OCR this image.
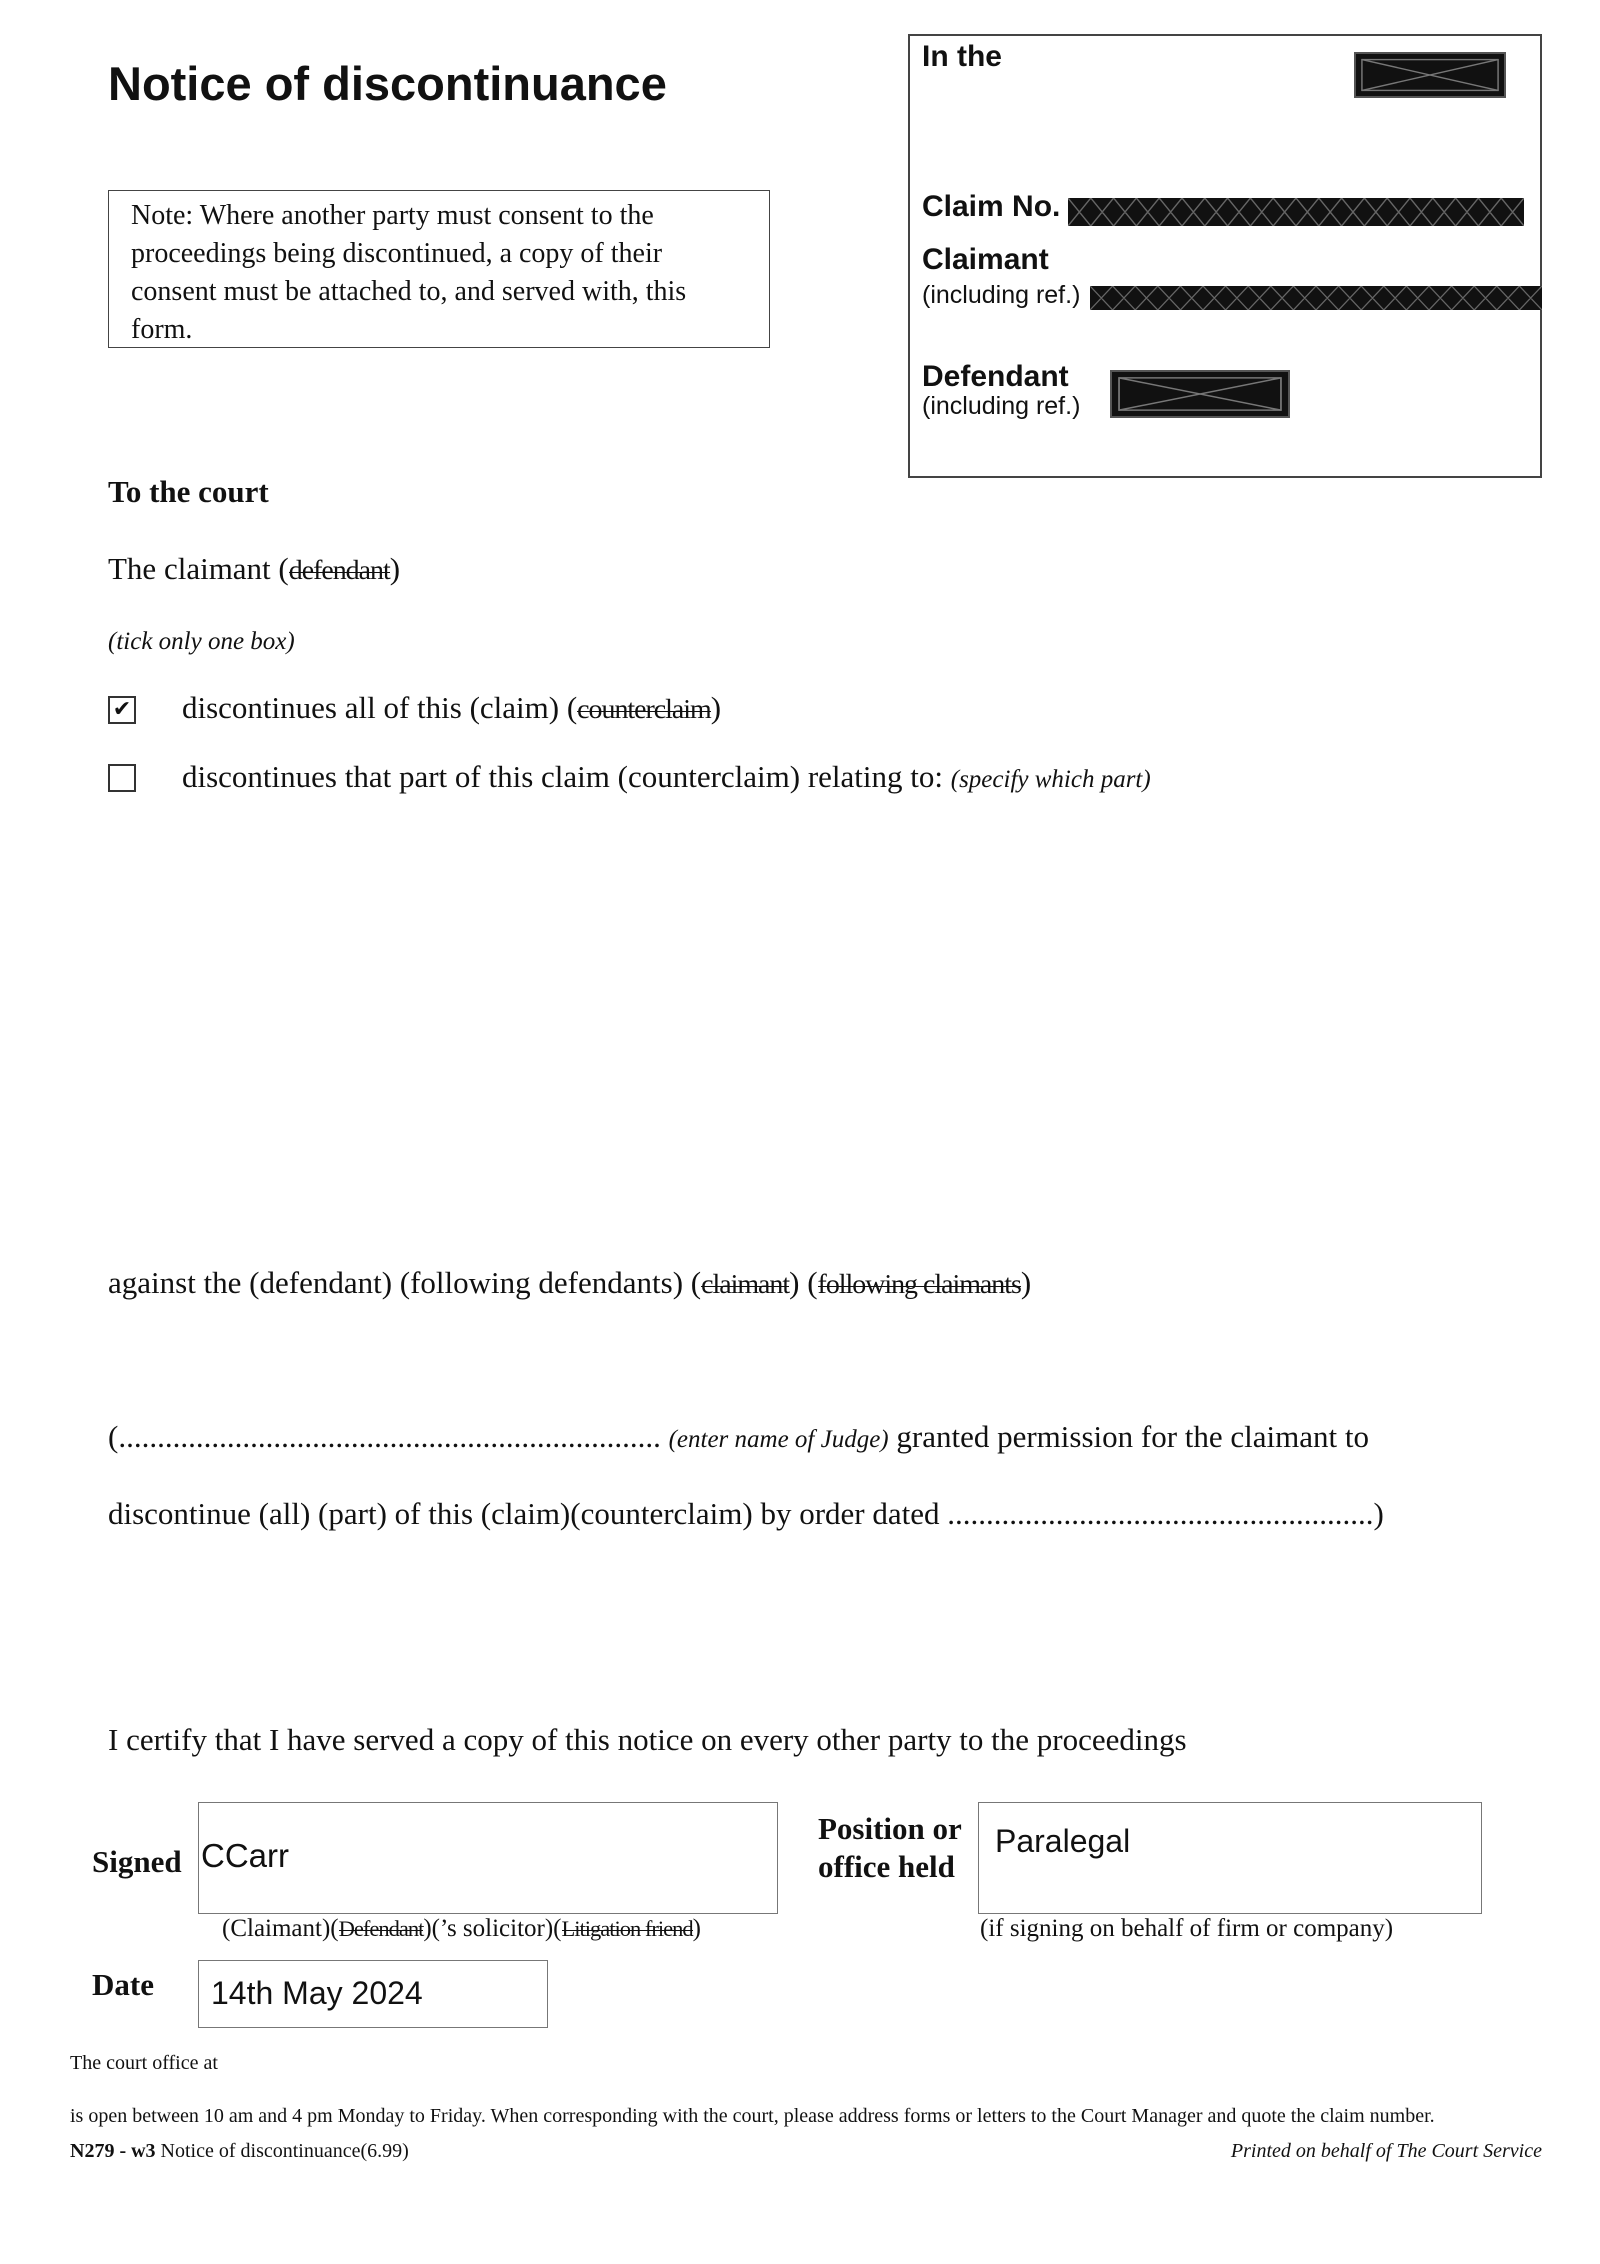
Notice of discontinuance
Note: Where another party must consent to the proceedings being discontinued, a copy of their consent must be attached to, and served with, this form.
In the
Claim No.
Claimant
(including ref.)
Defendant
(including ref.)
To the court
The claimant (defendant)
(tick only one box)
✔ discontinues all of this (claim) (counterclaim)
discontinues that part of this claim (counterclaim) relating to: (specify which part)
against the (defendant) (following defendants) (claimant) (following claimants)
(...................................................................... (enter name of Judge) granted permission for the claimant to
discontinue (all) (part) of this (claim)(counterclaim) by order dated .......................................................)
I certify that I have served a copy of this notice on every other party to the proceedings
Signed CCarr
(Claimant)(Defendant)(’s solicitor)(Litigation friend)
Position or
office held
Paralegal
(if signing on behalf of firm or company)
Date 14th May 2024
The court office at
is open between 10 am and 4 pm Monday to Friday. When corresponding with the court, please address forms or letters to the Court Manager and quote the claim number.
N279 - w3 Notice of discontinuance(6.99)	Printed on behalf of The Court Service
